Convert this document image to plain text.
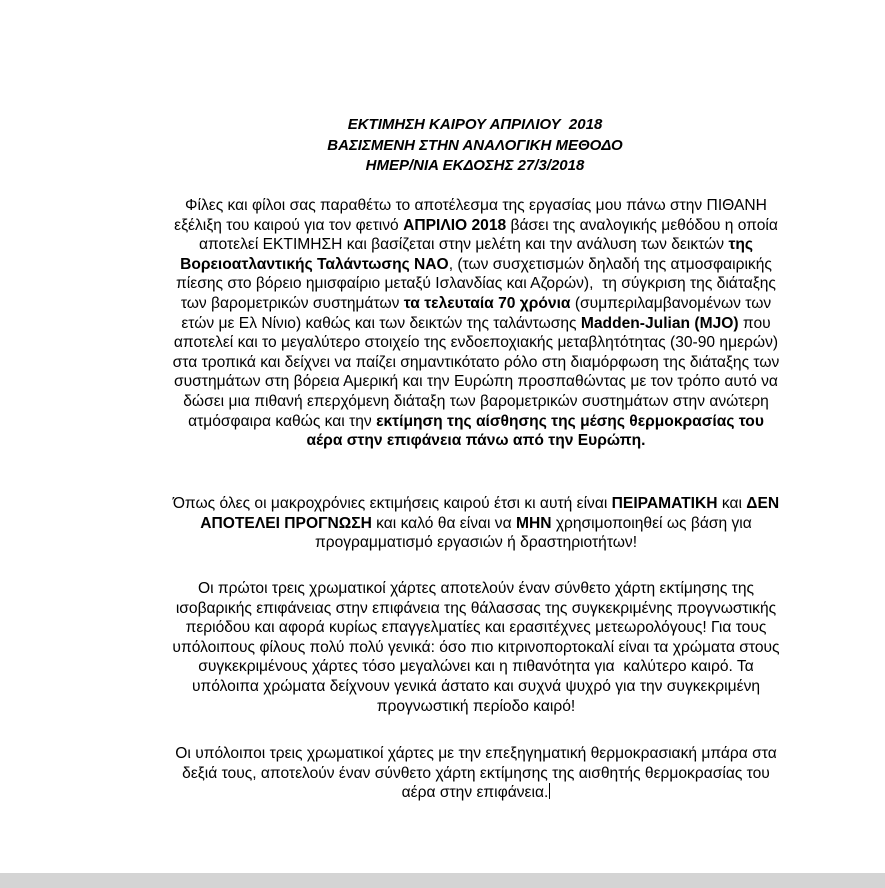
ΕΚΤΙΜΗΣΗ ΚΑΙΡΟΥ ΑΠΡΙΛΙΟΥ  2018
ΒΑΣΙΣΜΕΝΗ ΣΤΗΝ ΑΝΑΛΟΓΙΚΗ ΜΕΘΟΔΟ
ΗΜΕΡ/ΝΙΑ ΕΚΔΟΣΗΣ 27/3/2018
Φίλες και φίλοι σας παραθέτω το αποτέλεσμα της εργασίας μου πάνω στην ΠΙΘΑΝΗ
εξέλιξη του καιρού για τον φετινό ΑΠΡΙΛΙΟ 2018 βάσει της αναλογικής μεθόδου η οποία
αποτελεί ΕΚΤΙΜΗΣΗ και βασίζεται στην μελέτη και την ανάλυση των δεικτών της
Βορειοατλαντικής Ταλάντωσης NAO, (των συσχετισμών δηλαδή της ατμοσφαιρικής
πίεσης στο βόρειο ημισφαίριο μεταξύ Ισλανδίας και Αζορών),  τη σύγκριση της διάταξης
των βαρομετρικών συστημάτων τα τελευταία 70 χρόνια (συμπεριλαμβανομένων των
ετών με Ελ Νίνιο) καθώς και των δεικτών της ταλάντωσης Madden-Julian (MJO) που
αποτελεί και το μεγαλύτερο στοιχείο της ενδοεποχιακής μεταβλητότητας (30-90 ημερών)
στα τροπικά και δείχνει να παίζει σημαντικότατο ρόλο στη διαμόρφωση της διάταξης των
συστημάτων στη βόρεια Αμερική και την Ευρώπη προσπαθώντας με τον τρόπο αυτό να
δώσει μια πιθανή επερχόμενη διάταξη των βαρομετρικών συστημάτων στην ανώτερη
ατμόσφαιρα καθώς και την εκτίμηση της αίσθησης της μέσης θερμοκρασίας του
αέρα στην επιφάνεια πάνω από την Ευρώπη.
Όπως όλες οι μακροχρόνιες εκτιμήσεις καιρού έτσι κι αυτή είναι ΠΕΙΡΑΜΑΤΙΚΗ και ΔΕΝ
ΑΠΟΤΕΛΕΙ ΠΡΟΓΝΩΣΗ και καλό θα είναι να ΜΗΝ χρησιμοποιηθεί ως βάση για
προγραμματισμό εργασιών ή δραστηριοτήτων!
Οι πρώτοι τρεις χρωματικοί χάρτες αποτελούν έναν σύνθετο χάρτη εκτίμησης της
ισοβαρικής επιφάνειας στην επιφάνεια της θάλασσας της συγκεκριμένης προγνωστικής
περιόδου και αφορά κυρίως επαγγελματίες και ερασιτέχνες μετεωρολόγους! Για τους
υπόλοιπους φίλους πολύ πολύ γενικά: όσο πιο κιτρινοπορτοκαλί είναι τα χρώματα στους
συγκεκριμένους χάρτες τόσο μεγαλώνει και η πιθανότητα για  καλύτερο καιρό. Τα
υπόλοιπα χρώματα δείχνουν γενικά άστατο και συχνά ψυχρό για την συγκεκριμένη
προγνωστική περίοδο καιρό!
Οι υπόλοιποι τρεις χρωματικοί χάρτες με την επεξηγηματική θερμοκρασιακή μπάρα στα
δεξιά τους, αποτελούν έναν σύνθετο χάρτη εκτίμησης της αισθητής θερμοκρασίας του
αέρα στην επιφάνεια.
